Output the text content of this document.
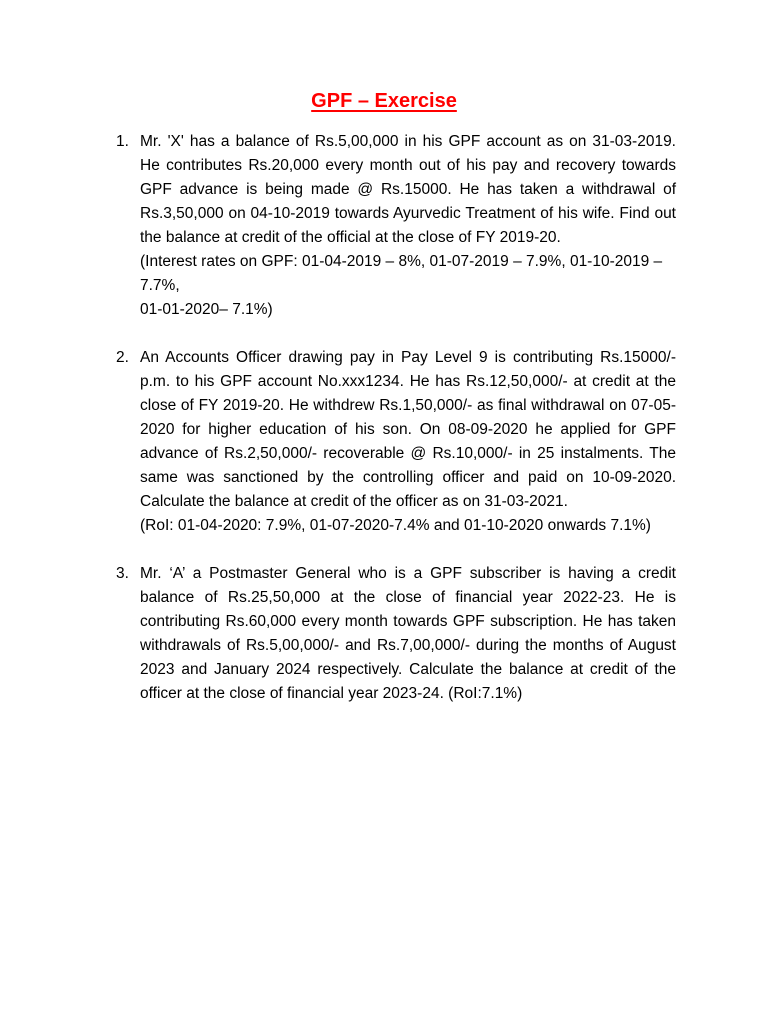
GPF – Exercise
1. Mr. 'X' has a balance of Rs.5,00,000 in his GPF account as on 31-03-2019. He contributes Rs.20,000 every month out of his pay and recovery towards GPF advance is being made @ Rs.15000. He has taken a withdrawal of Rs.3,50,000 on 04-10-2019 towards Ayurvedic Treatment of his wife. Find out the balance at credit of the official at the close of FY 2019-20.
(Interest rates on GPF: 01-04-2019 – 8%, 01-07-2019 – 7.9%, 01-10-2019 – 7.7%,
01-01-2020– 7.1%)
2. An Accounts Officer drawing pay in Pay Level 9 is contributing Rs.15000/- p.m. to his GPF account No.xxx1234. He has Rs.12,50,000/- at credit at the close of FY 2019-20. He withdrew Rs.1,50,000/- as final withdrawal on 07-05-2020 for higher education of his son. On 08-09-2020 he applied for GPF advance of Rs.2,50,000/- recoverable @ Rs.10,000/- in 25 instalments. The same was sanctioned by the controlling officer and paid on 10-09-2020. Calculate the balance at credit of the officer as on 31-03-2021.
(RoI: 01-04-2020: 7.9%, 01-07-2020-7.4% and 01-10-2020 onwards 7.1%)
3. Mr. ‘A’ a Postmaster General who is a GPF subscriber is having a credit balance of Rs.25,50,000 at the close of financial year 2022-23. He is contributing Rs.60,000 every month towards GPF subscription. He has taken withdrawals of Rs.5,00,000/- and Rs.7,00,000/- during the months of August 2023 and January 2024 respectively. Calculate the balance at credit of the officer at the close of financial year 2023-24. (RoI:7.1%)
